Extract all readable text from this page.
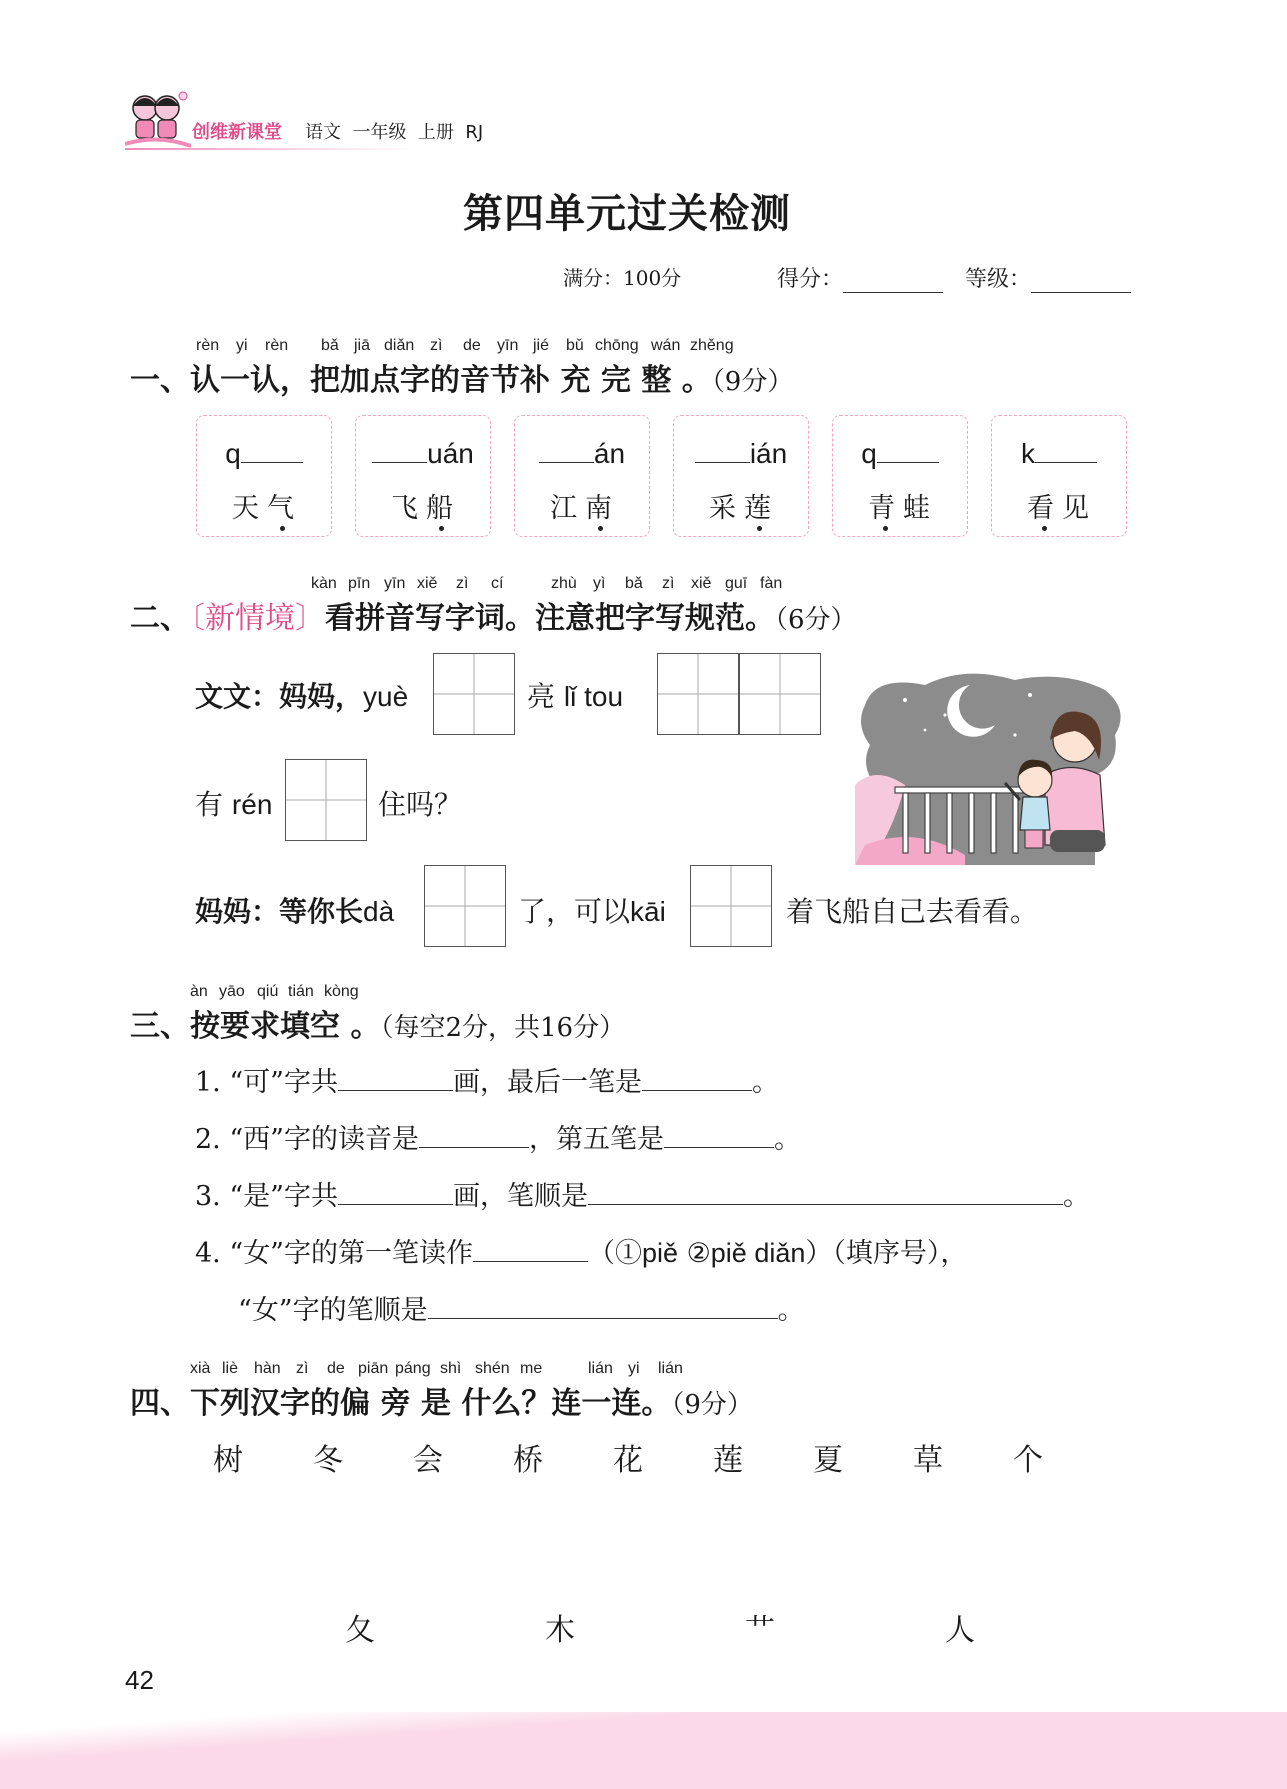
创维新课堂 语文 一年级 上册 RJ
第四单元过关检测
满分：100分	得分：	等级：
rèn yi rèn bǎ jiā diǎn zì de yīn jié bǔ chōng wán zhěng
一、认一认，把加点字的音节补 充 完 整 。（9分）
q
天气
uán
飞船
án
江南
ián
采莲
q
青蛙
k
看见
kàn pīn yīn xiě zì cí	zhù yì bǎ zì xiě guī fàn
二、〔新情境〕看拼音写字词。注意把字写规范。（6分）
文文：妈妈，yuè	亮 lǐ tou
有 rén	住吗？
妈妈：等你长dà	了，可以kāi	着飞船自己去看看。
àn yāo qiú tián kòng
三、按要求填空 。（每空2分，共16分）
1. “可”字共	画，最后一笔是	。
2. “西”字的读音是	，第五笔是	。
3. “是”字共	画，笔顺是	。
4. “女”字的第一笔读作	（①piě ②piě diǎn）（填序号），
“女”字的笔顺是	。
xià liè hàn zì de piān páng shì shén me	lián yi lián
四、下列汉字的偏 旁 是 什么？连一连。（9分）
树 冬 会 桥 花 莲 夏 草 个
夂	木	艹	人
42
